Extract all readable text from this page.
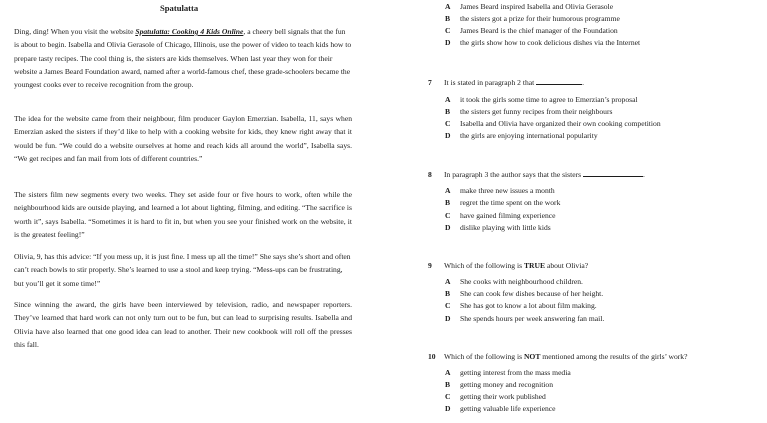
Spatulatta

Ding, ding! When you visit the website Spatulatta: Cooking 4 Kids Online, a cheery bell signals that the fun is about to begin. Isabella and Olivia Gerasole of Chicago, Illinois, use the power of video to teach kids how to prepare tasty recipes. The cool thing is, the sisters are kids themselves. When last year they won for their website a James Beard Foundation award, named after a world-famous chef, these grade-schoolers became the youngest cooks ever to receive recognition from the group.

The idea for the website came from their neighbour, film producer Gaylon Emerzian. Isabella, 11, says when Emerzian asked the sisters if they’d like to help with a cooking website for kids, they knew right away that it would be fun. “We could do a website ourselves at home and reach kids all around the world”, Isabella says. “We get recipes and fan mail from lots of different countries.”

The sisters film new segments every two weeks. They set aside four or five hours to work, often while the neighbourhood kids are outside playing, and learned a lot about lighting, filming, and editing. “The sacrifice is worth it”, says Isabella. “Sometimes it is hard to fit in, but when you see your finished work on the website, it is the greatest feeling!”

Olivia, 9, has this advice: “If you mess up, it is just fine. I mess up all the time!” She says she’s short and often can’t reach bowls to stir properly. She’s learned to use a stool and keep trying. “Mess-ups can be frustrating, but you’ll get it some time!”

Since winning the award, the girls have been interviewed by television, radio, and newspaper reporters. They’ve learned that hard work can not only turn out to be fun, but can lead to surprising results. Isabella and Olivia have also learned that one good idea can lead to another. Their new cookbook will roll off the presses this fall.

A James Beard inspired Isabella and Olivia Gerasole
B the sisters got a prize for their humorous programme
C James Beard is the chief manager of the Foundation
D the girls show how to cook delicious dishes via the Internet
7 It is stated in paragraph 2 that	.
A it took the girls some time to agree to Emerzian’s proposal
B the sisters get funny recipes from their neighbours
C Isabella and Olivia have organized their own cooking competition
D the girls are enjoying international popularity
8 In paragraph 3 the author says that the sisters	.
A make three new issues a month
B regret the time spent on the work
C have gained filming experience
D dislike playing with little kids
9 Which of the following is TRUE about Olivia?
A She cooks with neighbourhood children.
B She can cook few dishes because of her height.
C She has got to know a lot about film making.
D She spends hours per week answering fan mail.
10 Which of the following is NOT mentioned among the results of the girls’ work?
A getting interest from the mass media
B getting money and recognition
C getting their work published
D getting valuable life experience
